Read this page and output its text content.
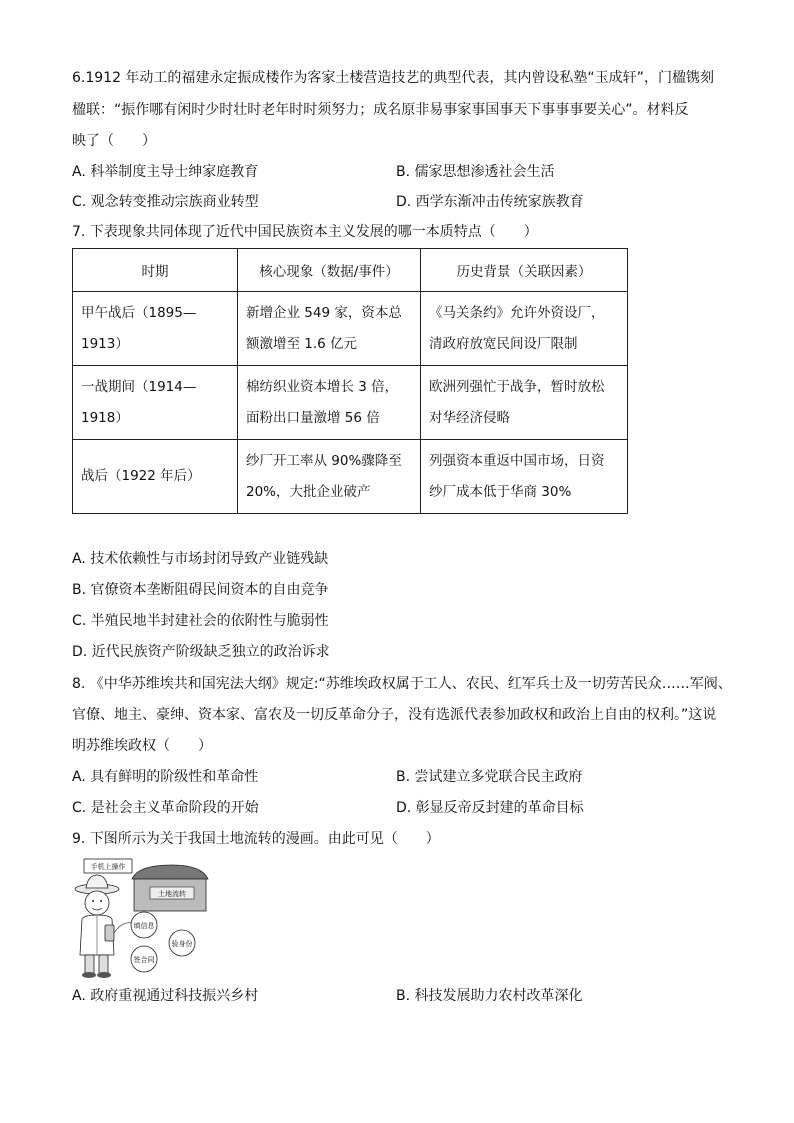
6.1912 年动工的福建永定振成楼作为客家土楼营造技艺的典型代表，其内曾设私塾“玉成轩”，门楹镌刻
楹联：“振作哪有闲时少时壮时老年时时须努力；成名原非易事家事国事天下事事事要关心”。材料反
映了（　　）
A. 科举制度主导士绅家庭教育	B. 儒家思想渗透社会生活
C. 观念转变推动宗族商业转型	D. 西学东渐冲击传统家族教育
7. 下表现象共同体现了近代中国民族资本主义发展的哪一本质特点（　　）
时期	核心现象（数据/事件）	历史背景（关联因素）

甲午战后（1895—
1913）	新增企业 549 家，资本总
额激增至 1.6 亿元	《马关条约》允许外资设厂，
清政府放宽民间设厂限制

一战期间（1914—
1918）	棉纺织业资本增长 3 倍，
面粉出口量激增 56 倍	欧洲列强忙于战争，暂时放松
对华经济侵略

战后（1922 年后）	纱厂开工率从 90%骤降至
20%，大批企业破产	列强资本重返中国市场，日资
纱厂成本低于华商 30%
A. 技术依赖性与市场封闭导致产业链残缺
B. 官僚资本垄断阻碍民间资本的自由竞争
C. 半殖民地半封建社会的依附性与脆弱性
D. 近代民族资产阶级缺乏独立的政治诉求
8. 《中华苏维埃共和国宪法大纲》规定:“苏维埃政权属于工人、农民、红军兵士及一切劳苦民众……军阀、
官僚、地主、豪绅、资本家、富农及一切反革命分子，没有选派代表参加政权和政治上自由的权利。”这说
明苏维埃政权（　　）
A. 具有鲜明的阶级性和革命性	B. 尝试建立多党联合民主政府
C. 是社会主义革命阶段的开始	D. 彰显反帝反封建的革命目标
9. 下图所示为关于我国土地流转的漫画。由此可见（　　）
手机上操作
土地流转
填信息
验身份
签合同
A. 政府重视通过科技振兴乡村	B. 科技发展助力农村改革深化
